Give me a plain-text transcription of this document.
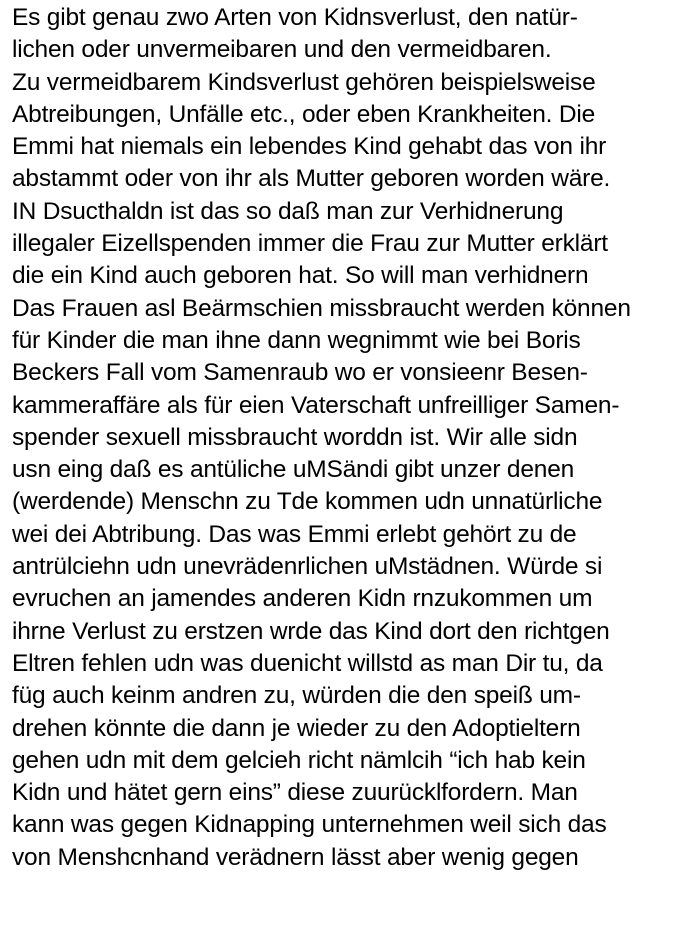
Es gibt genau zwo Arten von Kidnsverlust, den natür-
lichen oder unvermeibaren und den vermeidbaren.
Zu vermeidbarem Kindsverlust gehören beispielsweise
Abtreibungen, Unfälle etc., oder eben Krankheiten. Die
Emmi hat niemals ein lebendes Kind gehabt das von ihr
abstammt oder von ihr als Mutter geboren worden wäre.
IN Dsucthaldn ist das so daß man zur Verhidnerung
illegaler Eizellspenden immer die Frau zur Mutter erklärt
die ein Kind auch geboren hat. So will man verhidnern
Das Frauen asl Beärmschien missbraucht werden können
für Kinder die man ihne dann wegnimmt wie bei Boris
Beckers Fall vom Samenraub wo er vonsieenr Besen-
kammeraffäre als für eien Vaterschaft unfreilliger Samen-
spender sexuell missbraucht worddn ist. Wir alle sidn
usn eing daß es antüliche uMSändi gibt unzer denen
(werdende) Menschn zu Tde kommen udn unnatürliche
wei dei Abtribung. Das was Emmi erlebt gehört zu de
antrülciehn udn unevrädenrlichen uMstädnen. Würde si
evruchen an jamendes anderen Kidn rnzukommen um
ihrne Verlust zu erstzen wrde das Kind dort den richtgen
Eltren fehlen udn was duenicht willstd as man Dir tu, da
füg auch keinm andren zu, würden die den speiß um-
drehen könnte die dann je wieder zu den Adoptieltern
gehen udn mit dem gelcieh richt nämlcih “ich hab kein
Kidn und hätet gern eins” diese zuurücklfordern. Man
kann was gegen Kidnapping unternehmen weil sich das
von Menshcnhand verädnern lässt aber wenig gegen
